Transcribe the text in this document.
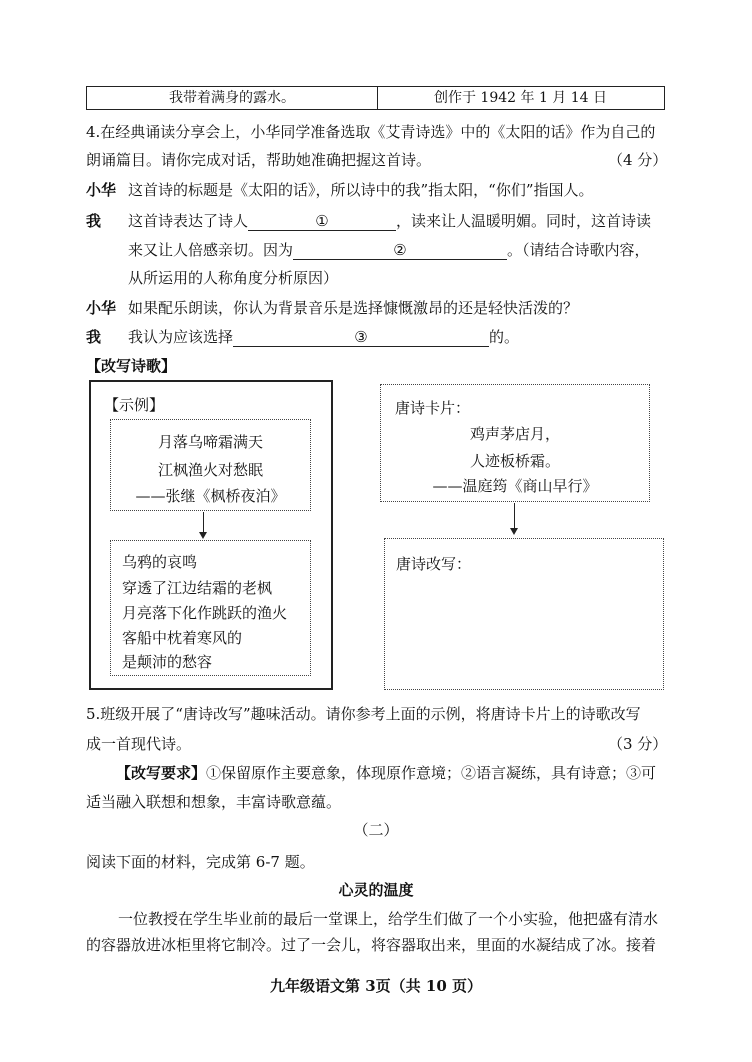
我带着满身的露水。	创作于 1942 年 1 月 14 日
4.在经典诵读分享会上，小华同学准备选取《艾青诗选》中的《太阳的话》作为自己的
朗诵篇目。请你完成对话，帮助她准确把握这首诗。	（4 分）
小华 这首诗的标题是《太阳的话》，所以诗中的我”指太阳，“你们”指国人。
我 这首诗表达了诗人	①	，读来让人温暖明媚。同时，这首诗读
来又让人倍感亲切。因为	②	。（请结合诗歌内容，
从所运用的人称角度分析原因）
小华 如果配乐朗读，你认为背景音乐是选择慷慨激昂的还是轻快活泼的？
我 我认为应该选择	③	的。
【改写诗歌】
【示例】
月落乌啼霜满天
江枫渔火对愁眠
——张继《枫桥夜泊》
乌鸦的哀鸣
穿透了江边结霜的老枫
月亮落下化作跳跃的渔火
客船中枕着寒风的
是颠沛的愁容
唐诗卡片：
鸡声茅店月，
人迹板桥霜。
——温庭筠《商山早行》
唐诗改写：
5.班级开展了“唐诗改写”趣味活动。请你参考上面的示例，将唐诗卡片上的诗歌改写
成一首现代诗。	（3 分）
【改写要求】①保留原作主要意象，体现原作意境；②语言凝练，具有诗意；③可
适当融入联想和想象，丰富诗歌意蕴。
（二）
阅读下面的材料，完成第 6-7 题。
心灵的温度
一位教授在学生毕业前的最后一堂课上，给学生们做了一个小实验，他把盛有清水
的容器放进冰柜里将它制冷。过了一会儿，将容器取出来，里面的水凝结成了冰。接着
九年级语文第 3页（共 10 页）
